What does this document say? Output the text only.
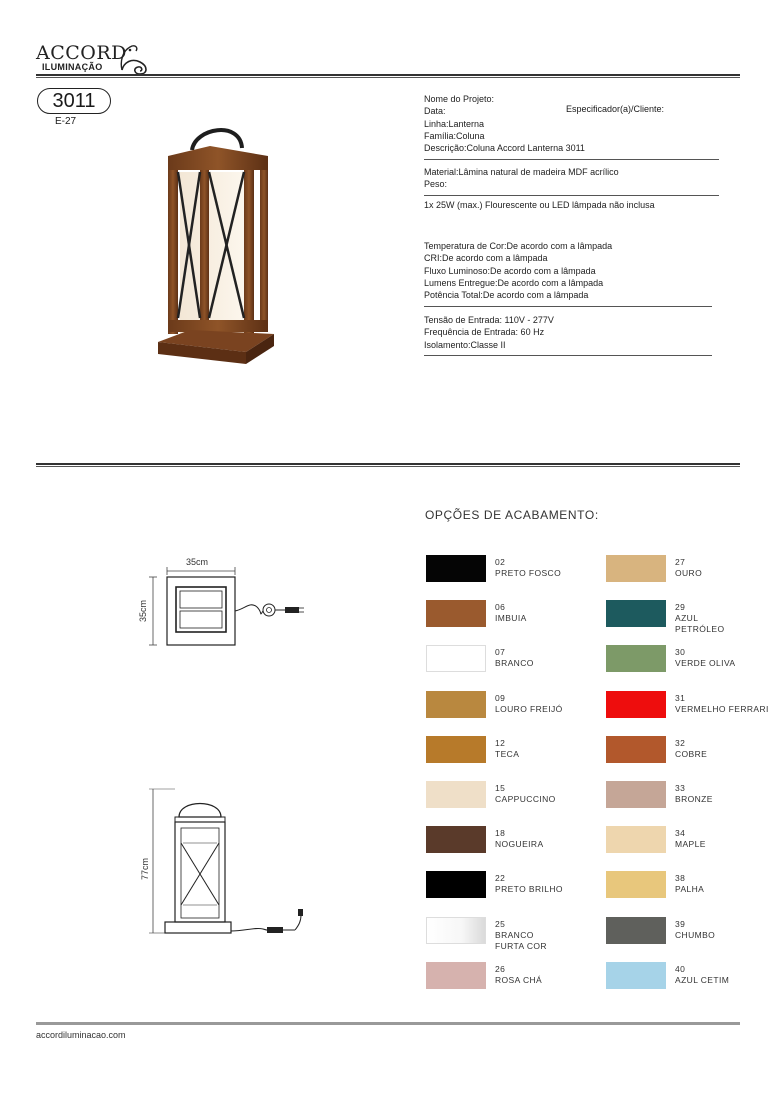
ACCORD
ILUMINAÇÃO
3011
E-27
Nome do Projeto:
Data:
Linha:Lanterna
Família:Coluna
Descrição:Coluna Accord Lanterna 3011
Especificador(a)/Cliente:
Material:Lâmina natural de madeira MDF acrílico
Peso:
1x 25W (max.) Flourescente ou LED lâmpada não inclusa
Temperatura de Cor:De acordo com a lâmpada
CRI:De acordo com a lâmpada
Fluxo Luminoso:De acordo com a lâmpada
Lumens Entregue:De acordo com a lâmpada
Potência Total:De acordo com a lâmpada
Tensão de Entrada: 110V - 277V
Frequência de Entrada: 60 Hz
Isolamento:Classe II
35cm
35cm
77cm
OPÇÕES DE ACABAMENTO:
02
PRETO FOSCO
06
IMBUIA
07
BRANCO
09
LOURO FREIJÓ
12
TECA
15
CAPPUCCINO
18
NOGUEIRA
22
PRETO BRILHO
25
BRANCO
FURTA COR
26
ROSA CHÁ
27
OURO
29
AZUL
PETRÓLEO
30
VERDE OLIVA
31
VERMELHO FERRARI
32
COBRE
33
BRONZE
34
MAPLE
38
PALHA
39
CHUMBO
40
AZUL CETIM
accordiluminacao.com
